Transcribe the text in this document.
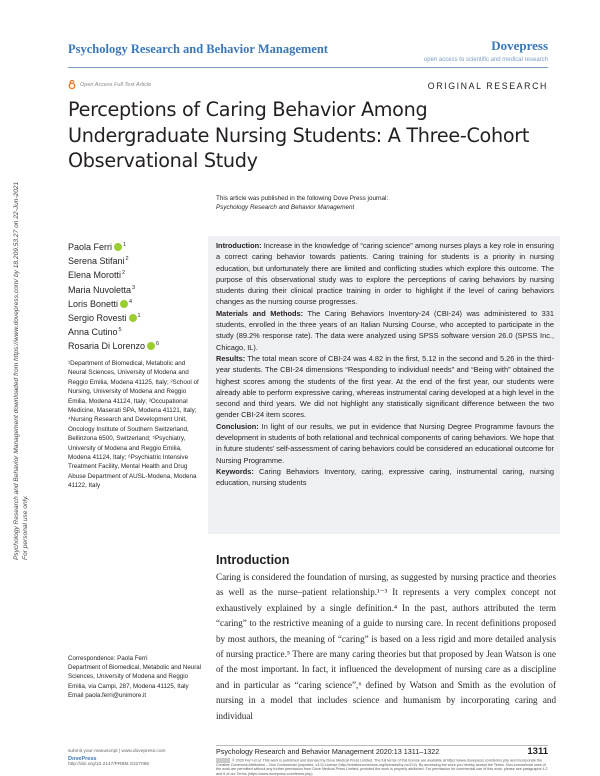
Psychology Research and Behavior Management	Dovepress
open access to scientific and medical research
Open Access Full Text Article	ORIGINAL RESEARCH
Perceptions of Caring Behavior Among Undergraduate Nursing Students: A Three-Cohort Observational Study
This article was published in the following Dove Press journal:
Psychology Research and Behavior Management
Psychology Research and Behavior Management downloaded from https://www.dovepress.com/ by 18.209.53.27 on 22-Jun-2021 For personal use only.
Paola Ferri $^1$
Serena Stifani$^2$
Elena Morotti$^2$
Maria Nuvoletta$^3$
Loris Bonetti $^4$
Sergio Rovesti $^1$
Anna Cutino$^5$
Rosaria Di Lorenzo $^6$
¹Department of Biomedical, Metabolic and Neural Sciences, University of Modena and Reggio Emilia, Modena 41125, Italy; ²School of Nursing, University of Modena and Reggio Emilia, Modena 41124, Italy; ³Occupational Medicine, Maserati SPA, Modena 41121, Italy; ⁴Nursing Research and Development Unit, Oncology Institute of Southern Switzerland, Bellinzona 6500, Switzerland; ⁵Psychiatry, University of Modena and Reggio Emilia, Modena 41124, Italy; ⁶Psychiatric Intensive Treatment Facility, Mental Health and Drug Abuse Department of AUSL-Modena, Modena 41122, Italy

Introduction: Increase in the knowledge of “caring science” among nurses plays a key role in ensuring a correct caring behavior towards patients. Caring training for students is a priority in nursing education, but unfortunately there are limited and conflicting studies which explore this outcome. The purpose of this observational study was to explore the perceptions of caring behaviors by nursing students during their clinical practice training in order to highlight if the level of caring behaviors changes as the nursing course progresses.

Materials and Methods: The Caring Behaviors Inventory-24 (CBI-24) was administered to 331 students, enrolled in the three years of an Italian Nursing Course, who accepted to participate in the study (89.2% response rate). The data were analyzed using SPSS software version 26.0 (SPSS Inc., Chicago, IL).

Results: The total mean score of CBI-24 was 4.82 in the first, 5.12 in the second and 5.26 in the third-year students. The CBI-24 dimensions “Responding to individual needs” and “Being with” obtained the highest scores among the students of the first year. At the end of the first year, our students were already able to perform expressive caring, whereas instrumental caring developed at a high level in the second and third years. We did not highlight any statistically significant difference between the two gender CBI-24 item scores.

Conclusion: In light of our results, we put in evidence that Nursing Degree Programme favours the development in students of both relational and technical components of caring behaviors. We hope that in future students’ self-assessment of caring behaviors could be considered an educational outcome for Nursing Programme.

Keywords: Caring Behaviors Inventory, caring, expressive caring, instrumental caring, nursing education, nursing students

Introduction
Caring is considered the foundation of nursing, as suggested by nursing practice and theories as well as the nurse–patient relationship.¹⁻³ It represents a very complex concept not exhaustively explained by a single definition.⁴ In the past, authors attributed the term “caring” to the restrictive meaning of a guide to nursing care. In recent definitions proposed by most authors, the meaning of “caring” is based on a less rigid and more detailed analysis of nursing practice.⁵ There are many caring theories but that proposed by Jean Watson is one of the most important. In fact, it influenced the development of nursing care as a discipline and in particular as “caring science”,⁶ defined by Watson and Smith as the evolution of nursing in a model that includes science and humanism by incorporating caring and individual
Correspondence: Paola Ferri
Department of Biomedical, Metabolic and Neural Sciences, University of Modena and Reggio Emilia, via Campi, 287, Modena 41125, Italy
Email paola.ferri@unimore.it
submit your manuscript | www.dovepress.com
DovePress
http://doi.org/10.2147/PRBM.S327066
Psychology Research and Behavior Management 2020:13 1311–1322	1311
© 2020 Ferri et al. This work is published and licensed by Dove Medical Press Limited. The full terms of this license are available at https://www.dovepress.com/terms.php and incorporate the Creative Commons Attribution – Non Commercial (unported, v3.0) License (http://creativecommons.org/licenses/by-nc/3.0/). By accessing the work you hereby accept the Terms. Non-commercial uses of the work are permitted without any further permission from Dove Medical Press Limited, provided the work is properly attributed. For permission for commercial use of this work, please see paragraphs 4.2 and 5 of our Terms (https://www.dovepress.com/terms.php).
